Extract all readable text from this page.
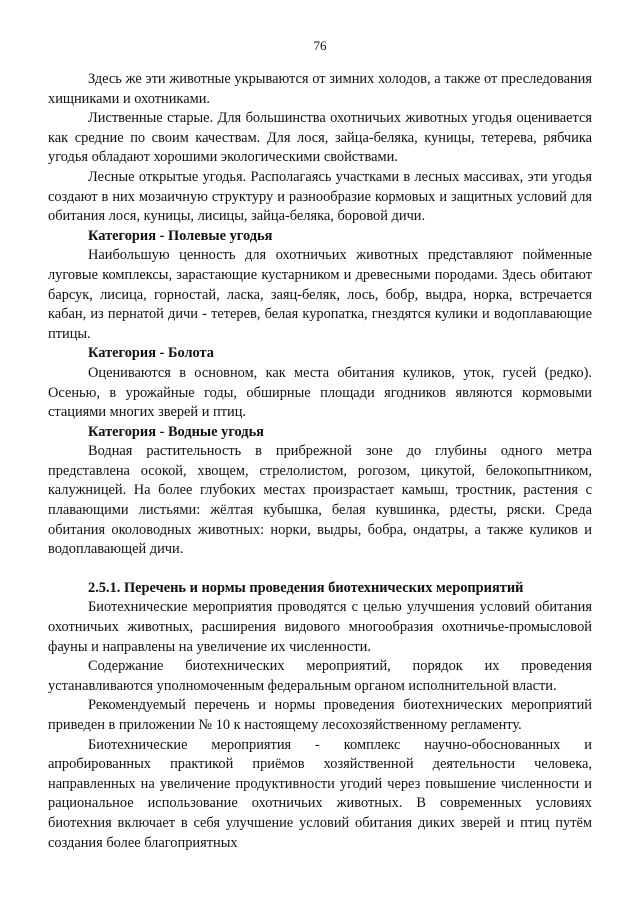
76

Здесь же эти животные укрываются от зимних холодов, а также от преследования хищниками и охотниками.

Лиственные старые. Для большинства охотничьих животных угодья оценивается как средние по своим качествам. Для лося, зайца-беляка, куницы, тетерева, рябчика угодья обладают хорошими экологическими свойствами.

Лесные открытые угодья. Располагаясь участками в лесных массивах, эти угодья создают в них мозаичную структуру и разнообразие кормовых и защитных условий для обитания лося, куницы, лисицы, зайца-беляка, боровой дичи.

Категория - Полевые угодья

Наибольшую ценность для охотничьих животных представляют пойменные луговые комплексы, зарастающие кустарником и древесными породами. Здесь обитают барсук, лисица, горностай, ласка, заяц-беляк, лось, бобр, выдра, норка, встречается кабан, из пернатой дичи - тетерев, белая куропатка, гнездятся кулики и водоплавающие птицы.

Категория - Болота

Оцениваются в основном, как места обитания куликов, уток, гусей (редко). Осенью, в урожайные годы, обширные площади ягодников являются кормовыми стациями многих зверей и птиц.

Категория - Водные угодья

Водная растительность в прибрежной зоне до глубины одного метра представлена осокой, хвощем, стрелолистом, рогозом, цикутой, белокопытником, калужницей. На более глубоких местах произрастает камыш, тростник, растения с плавающими листьями: жёлтая кубышка, белая кувшинка, рдесты, ряски. Среда обитания околоводных животных: норки, выдры, бобра, ондатры, а также куликов и водоплавающей дичи.

2.5.1. Перечень и нормы проведения биотехнических мероприятий

Биотехнические мероприятия проводятся с целью улучшения условий обитания охотничьих животных, расширения видового многообразия охотничье-промысловой фауны и направлены на увеличение их численности.

Содержание биотехнических мероприятий, порядок их проведения устанавливаются уполномоченным федеральным органом исполнительной власти.

Рекомендуемый перечень и нормы проведения биотехнических мероприятий приведен в приложении № 10 к настоящему лесохозяйственному регламенту.

Биотехнические мероприятия - комплекс научно-обоснованных и апробированных практикой приёмов хозяйственной деятельности человека, направленных на увеличение продуктивности угодий через повышение численности и рациональное использование охотничьих животных. В современных условиях биотехния включает в себя улучшение условий обитания диких зверей и птиц путём создания более благоприятных
